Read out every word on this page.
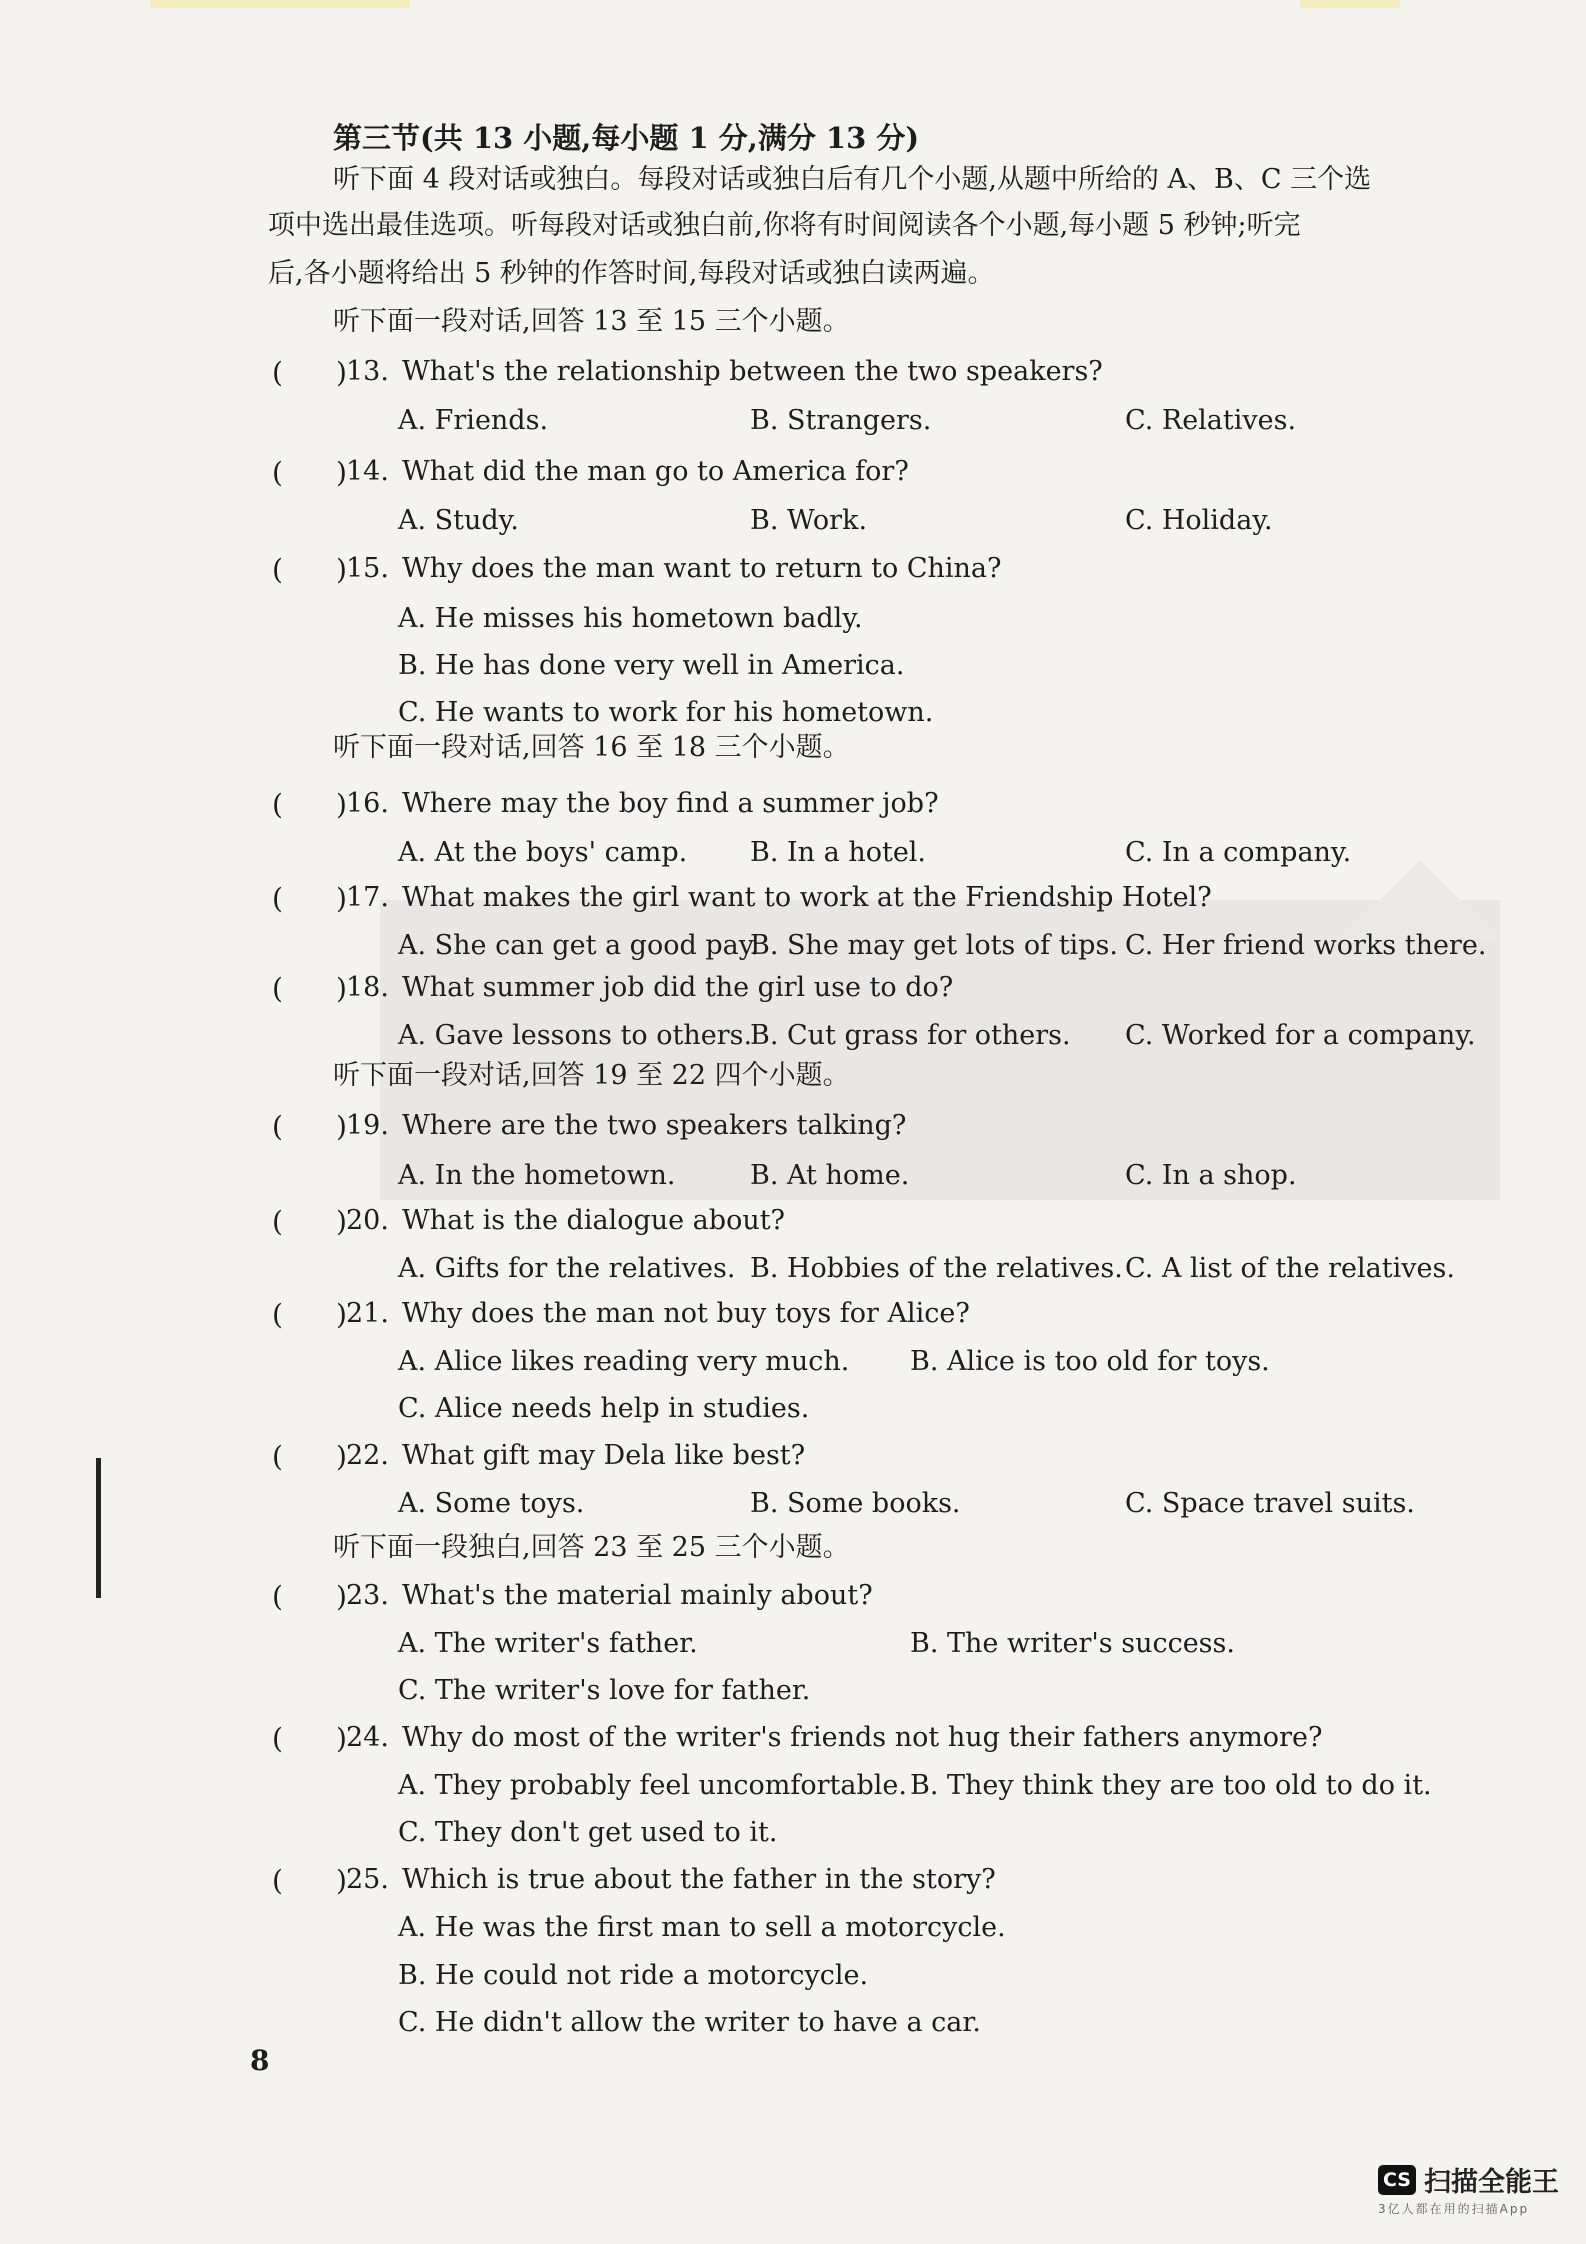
第三节(共 13 小题,每小题 1 分,满分 13 分)
听下面 4 段对话或独白。每段对话或独白后有几个小题,从题中所给的 A、B、C 三个选
项中选出最佳选项。听每段对话或独白前,你将有时间阅读各个小题,每小题 5 秒钟;听完
后,各小题将给出 5 秒钟的作答时间,每段对话或独白读两遍。
听下面一段对话,回答 13 至 15 三个小题。
( ) 13. What's the relationship between the two speakers?
A. Friends.	B. Strangers.	C. Relatives.
( ) 14. What did the man go to America for?
A. Study.	B. Work.	C. Holiday.
( ) 15. Why does the man want to return to China?
A. He misses his hometown badly.
B. He has done very well in America.
C. He wants to work for his hometown.
听下面一段对话,回答 16 至 18 三个小题。
( ) 16. Where may the boy find a summer job?
A. At the boys' camp. B. In a hotel.	C. In a company.
( ) 17. What makes the girl want to work at the Friendship Hotel?
A. She can get a good pay.
B. She may get lots of tips. C. Her friend works there.
( ) 18. What summer job did the girl use to do?
A. Gave lessons to others.
B. Cut grass for others. C. Worked for a company.
听下面一段对话,回答 19 至 22 四个小题。
( ) 19. Where are the two speakers talking?
A. In the hometown.	B. At home.	C. In a shop.
( ) 20. What is the dialogue about?
A. Gifts for the relatives. B. Hobbies of the relatives. C. A list of the relatives.
( ) 21. Why does the man not buy toys for Alice?
A. Alice likes reading very much. B. Alice is too old for toys.
C. Alice needs help in studies.
( ) 22. What gift may Dela like best?
A. Some toys.	B. Some books.	C. Space travel suits.
听下面一段独白,回答 23 至 25 三个小题。
( ) 23. What's the material mainly about?
A. The writer's father.	B. The writer's success.
C. The writer's love for father.
( ) 24. Why do most of the writer's friends not hug their fathers anymore?
A. They probably feel uncomfortable. B. They think they are too old to do it.
C. They don't get used to it.
( ) 25. Which is true about the father in the story?
A. He was the first man to sell a motorcycle.
B. He could not ride a motorcycle.
C. He didn't allow the writer to have a car.
8
CS 扫描全能王
3亿人都在用的扫描App
